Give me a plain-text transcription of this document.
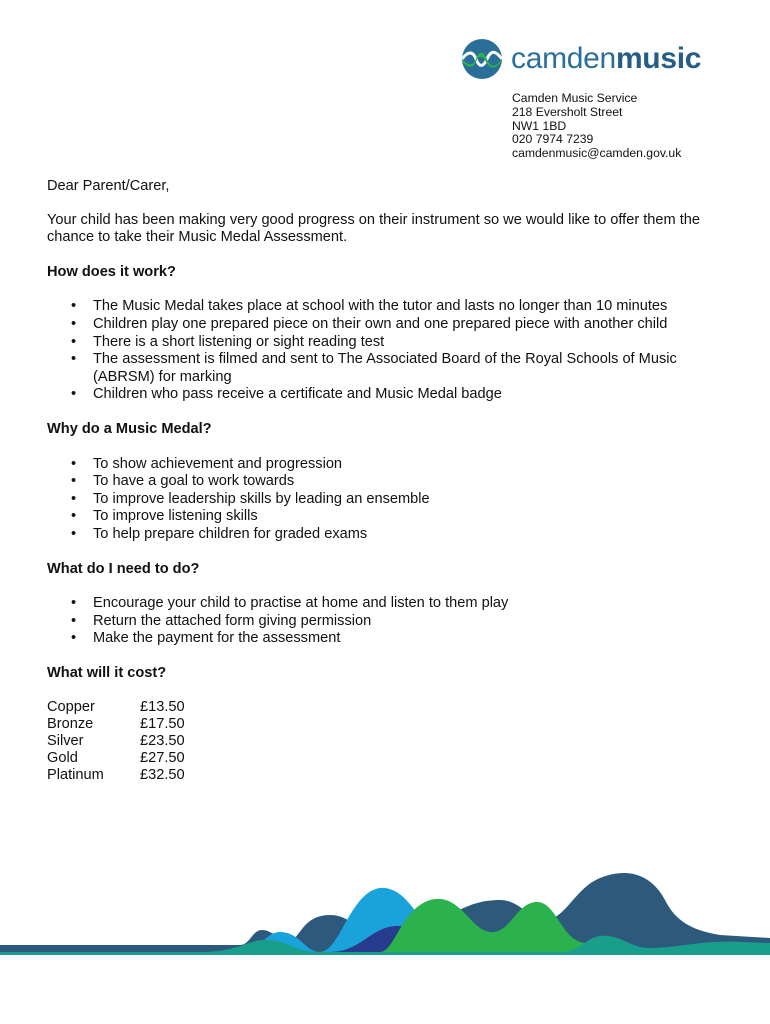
camdenmusic
Camden Music Service
218 Eversholt Street
NW1 1BD
020 7974 7239
camdenmusic@camden.gov.uk

Dear Parent/Carer,

Your child has been making very good progress on their instrument so we would like to offer them the chance to take their Music Medal Assessment.

How does it work?
• The Music Medal takes place at school with the tutor and lasts no longer than 10 minutes
• Children play one prepared piece on their own and one prepared piece with another child
• There is a short listening or sight reading test
• The assessment is filmed and sent to The Associated Board of the Royal Schools of Music (ABRSM) for marking
• Children who pass receive a certificate and Music Medal badge
Why do a Music Medal?
• To show achievement and progression
• To have a goal to work towards
• To improve leadership skills by leading an ensemble
• To improve listening skills
• To help prepare children for graded exams
What do I need to do?
• Encourage your child to practise at home and listen to them play
• Return the attached form giving permission
• Make the payment for the assessment
What will it cost?
Copper	£13.50
Bronze	£17.50
Silver	£23.50
Gold	£27.50
Platinum	£32.50
